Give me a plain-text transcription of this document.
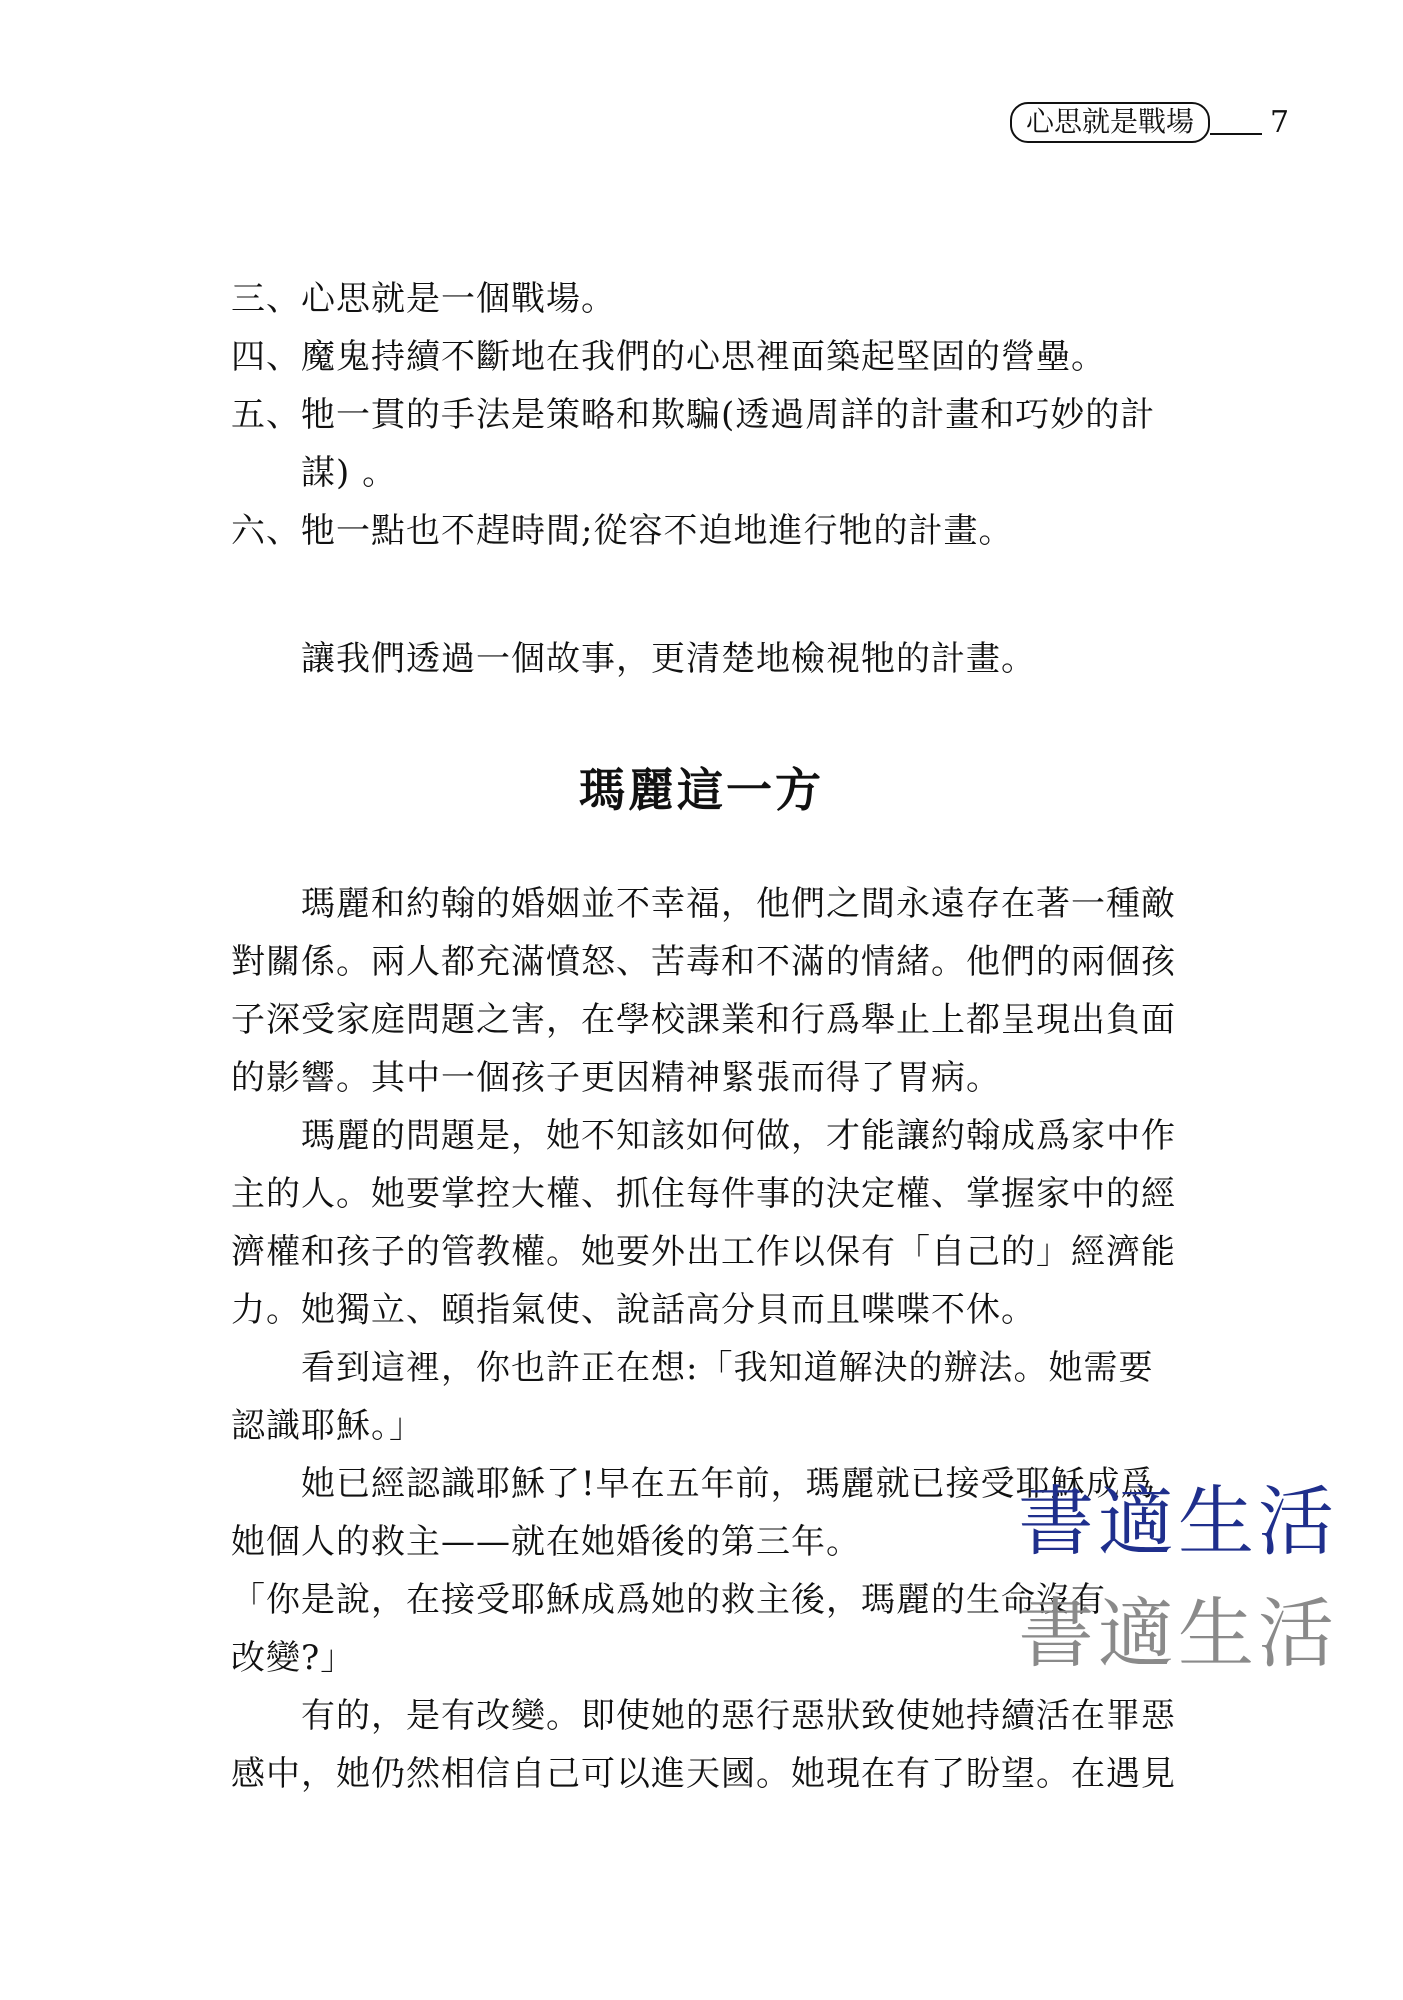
心思就是戰場	7
三、心思就是一個戰場。
四、魔鬼持續不斷地在我們的心思裡面築起堅固的營壘。
五、牠一貫的手法是策略和欺騙(透過周詳的計畫和巧妙的計
謀) 。
六、牠一點也不趕時間;從容不迫地進行牠的計畫。
讓我們透過一個故事，更清楚地檢視牠的計畫。
瑪麗這一方
瑪麗和約翰的婚姻並不幸福，他們之間永遠存在著一種敵
對關係。兩人都充滿憤怒、苦毒和不滿的情緒。他們的兩個孩
子深受家庭問題之害，在學校課業和行爲舉止上都呈現出負面
的影響。其中一個孩子更因精神緊張而得了胃病。
瑪麗的問題是，她不知該如何做，才能讓約翰成爲家中作
主的人。她要掌控大權、抓住每件事的決定權、掌握家中的經
濟權和孩子的管教權。她要外出工作以保有「自己的」經濟能
力。她獨立、頤指氣使、說話高分貝而且喋喋不休。
看到這裡，你也許正在想:「我知道解決的辦法。她需要
認識耶穌。」
她已經認識耶穌了!早在五年前，瑪麗就已接受耶穌成爲
她個人的救主——就在她婚後的第三年。
「你是說，在接受耶穌成爲她的救主後，瑪麗的生命沒有
改變?」
有的，是有改變。即使她的惡行惡狀致使她持續活在罪惡
感中，她仍然相信自己可以進天國。她現在有了盼望。在遇見
書適生活
書適生活
